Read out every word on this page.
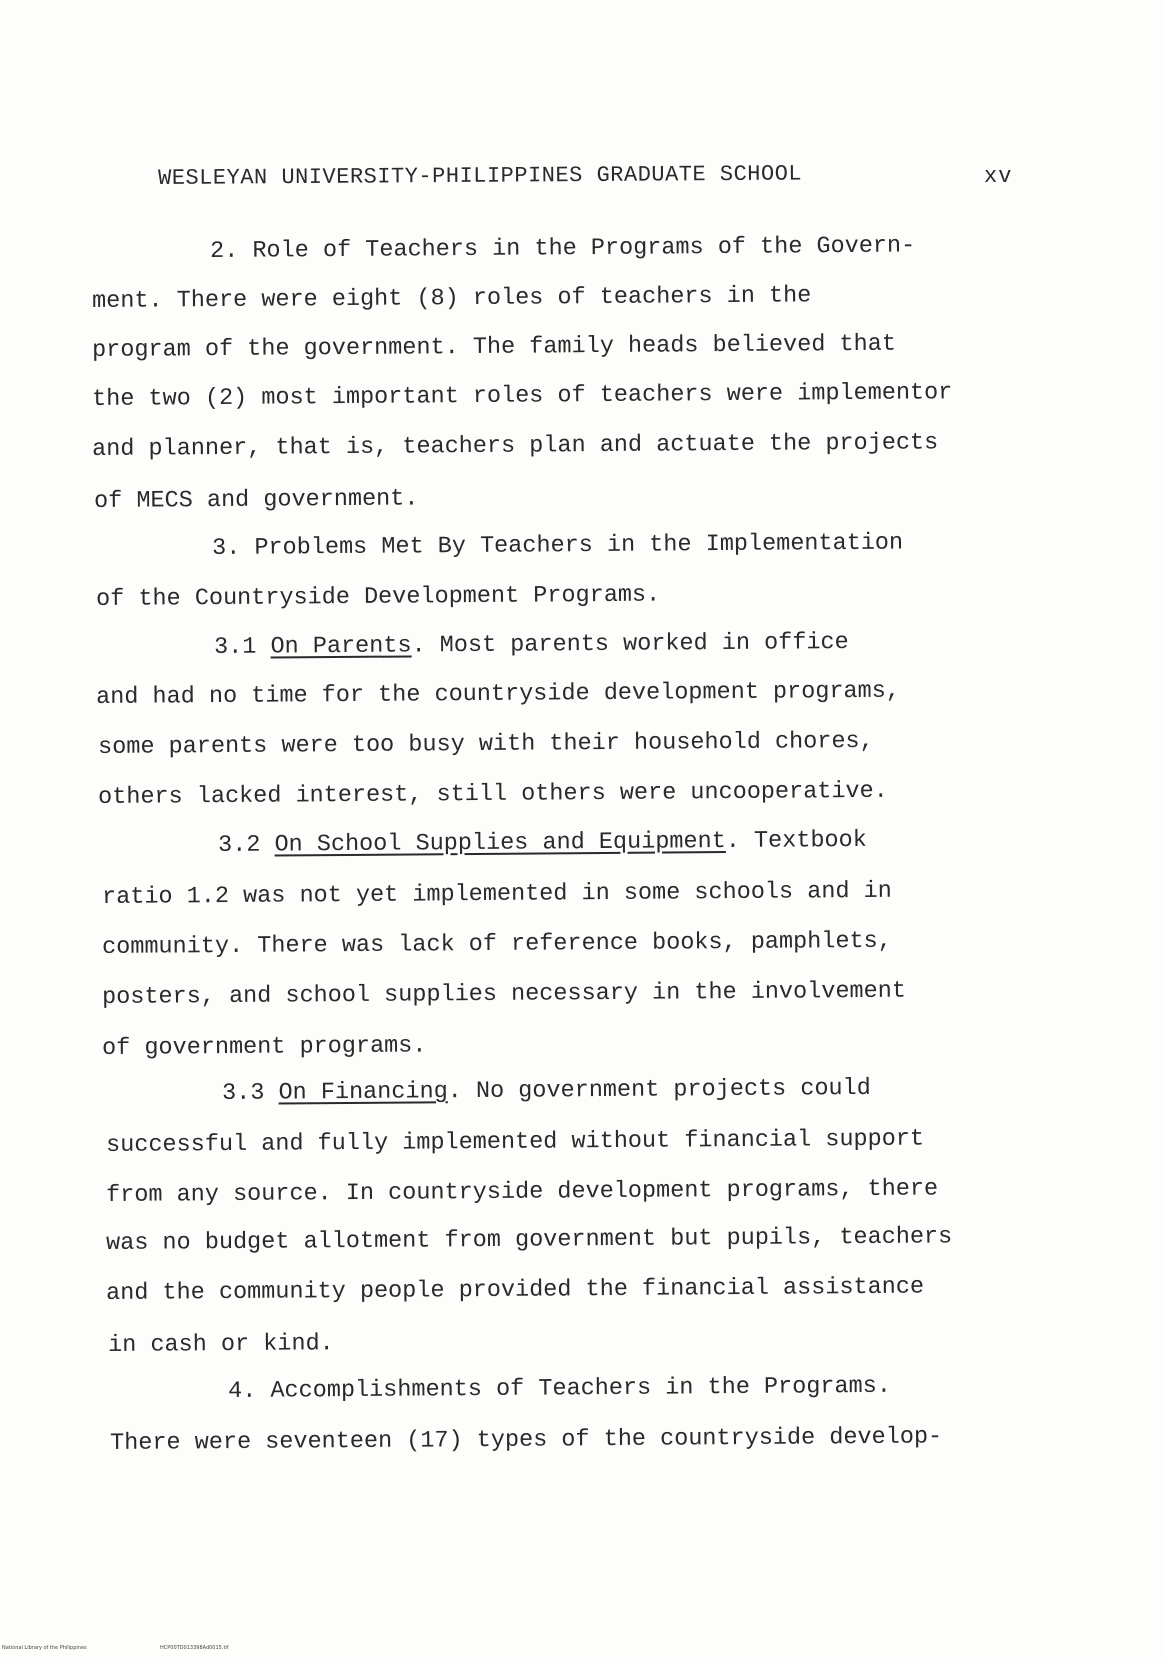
WESLEYAN UNIVERSITY-PHILIPPINES GRADUATE SCHOOL	xv
2. Role of Teachers in the Programs of the Govern-
ment. There were eight (8) roles of teachers in the
program of the government. The family heads believed that
the two (2) most important roles of teachers were implementor
and planner, that is, teachers plan and actuate the projects
of MECS and government.
3. Problems Met By Teachers in the Implementation
of the Countryside Development Programs.
3.1 On Parents. Most parents worked in office
and had no time for the countryside development programs,
some parents were too busy with their household chores,
others lacked interest, still others were uncooperative.
3.2 On School Supplies and Equipment. Textbook
ratio 1.2 was not yet implemented in some schools and in
community. There was lack of reference books, pamphlets,
posters, and school supplies necessary in the involvement
of government programs.
3.3 On Financing. No government projects could
successful and fully implemented without financial support
from any source. In countryside development programs, there
was no budget allotment from government but pupils, teachers
and the community people provided the financial assistance
in cash or kind.
4. Accomplishments of Teachers in the Programs.
There were seventeen (17) types of the countryside develop-
National Library of the Philippines	HCP00TD013398Ad0015.tif
